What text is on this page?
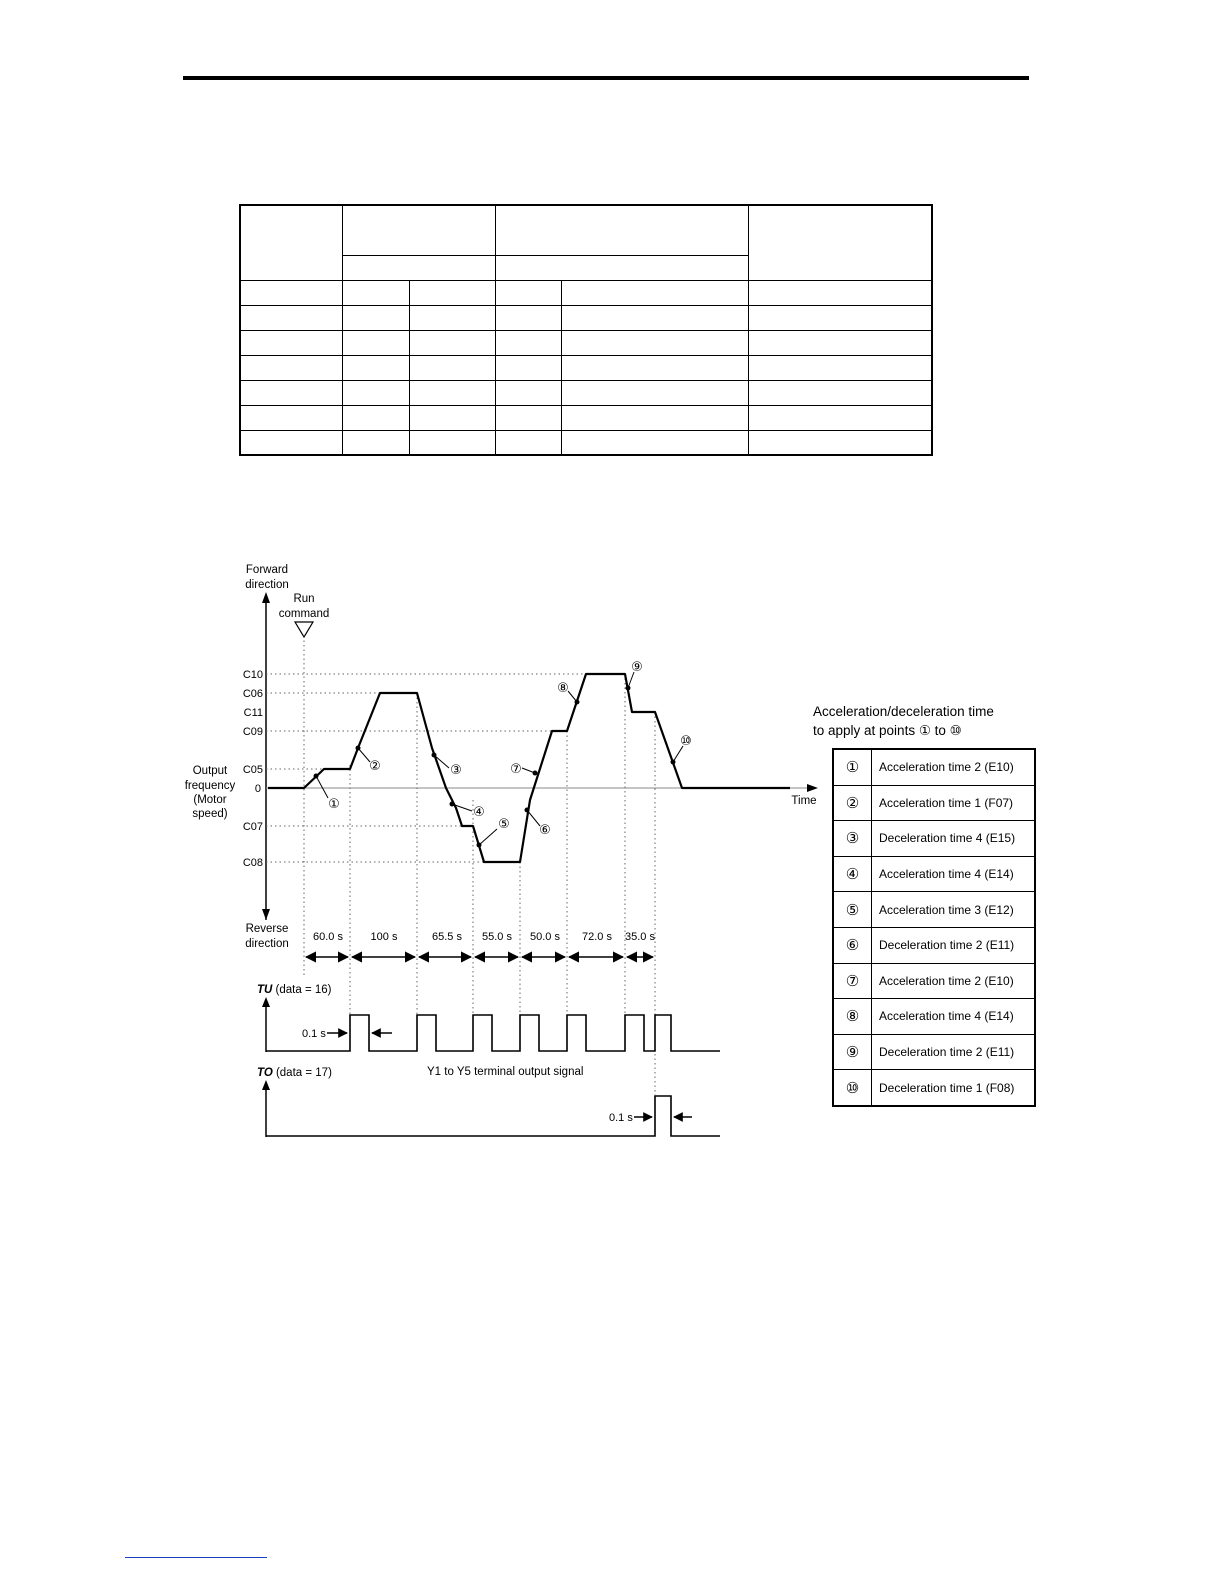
①
②	③
④
⑤ ⑥
⑦
⑧
⑨
⑩
Forward
direction
Reverse
direction
Output
frequency
(Motor
speed)
Time
Run
command
C10
C06
C11
C09
C05
0
C07
C08
60.0 s	100 s	65.5 s 55.0 s 50.0 s 72.0 s 35.0 s
TU (data = 16)
0.1 s
TO (data = 17)	Y1 to Y5 terminal output signal
0.1 s
Acceleration/deceleration time
to apply at points ① to ⑩
①	Acceleration time 2 (E10)
②	Acceleration time 1 (F07)
③	Deceleration time 4 (E15)
④	Acceleration time 4 (E14)
⑤	Acceleration time 3 (E12)
⑥	Deceleration time 2 (E11)
⑦	Acceleration time 2 (E10)
⑧	Acceleration time 4 (E14)
⑨	Deceleration time 2 (E11)
⑩	Deceleration time 1 (F08)
